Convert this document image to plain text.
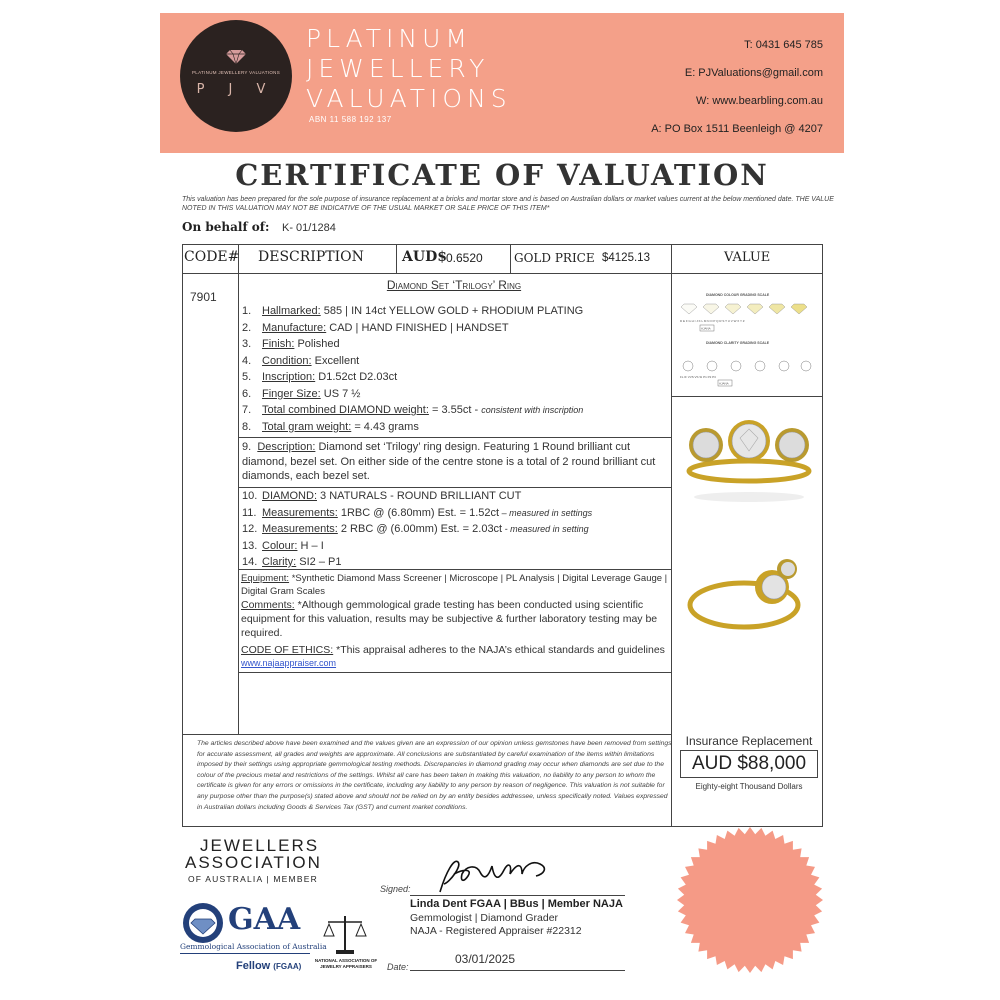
PLATINUM JEWELLERY VALUATIONS
P J V
PLATINUM
JEWELLERY
VALUATIONS
ABN 11 588 192 137
T: 0431 645 785
E: PJValuations@gmail.com
W: www.bearbling.com.au
A: PO Box 1511 Beenleigh @ 4207
CERTIFICATE OF VALUATION
This valuation has been prepared for the sole purpose of insurance replacement at a bricks and mortar store and is based on Australian dollars or market values current at the below mentioned date. THE VALUE NOTED IN THIS VALUATION MAY NOT BE INDICATIVE OF THE USUAL MARKET OR SALE PRICE OF THIS ITEM*
On behalf of: K- 01/1284
CODE# DESCRIPTION	AUD$ 0.6520	GOLD PRICE $4125.13	VALUE
7901
Diamond Set ‘Trilogy’ Ring
1. Hallmarked: 585 | IN 14ct YELLOW GOLD + RHODIUM PLATING
2. Manufacture: CAD | HAND FINISHED | HANDSET
3. Finish: Polished
4. Condition: Excellent
5. Inscription: D1.52ct D2.03ct
6. Finger Size: US 7 ½
7. Total combined DIAMOND weight: = 3.55ct - consistent with inscription
8. Total gram weight: = 4.43 grams
9. Description: Diamond set ‘Trilogy’ ring design. Featuring 1 Round brilliant cut diamond, bezel set. On either side of the centre stone is a total of 2 round brilliant cut diamonds, each bezel set.
10. DIAMOND: 3 NATURALS - ROUND BRILLIANT CUT
11. Measurements: 1RBC @ (6.80mm) Est. = 1.52ct – measured in settings
12. Measurements: 2 RBC @ (6.00mm) Est. = 2.03ct - measured in setting
13. Colour: H – I
14. Clarity: SI2 – P1
Equipment: *Synthetic Diamond Mass Screener | Microscope | PL Analysis | Digital Leverage Gauge | Digital Gram Scales
Comments: *Although gemmological grade testing has been conducted using scientific equipment for this valuation, results may be subjective & further laboratory testing may be required.
CODE OF ETHICS: *This appraisal adheres to the NAJA’s ethical standards and guidelines
www.najaappraiser.com
DIAMOND COLOUR GRADING SCALE
D E F G H I J K L M N O P Q R S T U V W X Y Z
AJANA
DIAMOND CLARITY GRADING SCALE
FL IF VVS VS SI P1 P2 P3
AJANA
The articles described above have been examined and the values given are an expression of our opinion unless gemstones have been removed from settings for accurate assessment, all grades and weights are approximate. All conclusions are substantiated by careful examination of the items within limitations imposed by their settings using appropriate gemmological testing methods. Discrepancies in diamond grading may occur when diamonds are set due to the colour of the precious metal and restrictions of the settings. Whilst all care has been taken in making this valuation, no liability to any person to whom the certificate is given for any errors or omissions in the certificate, including any liability to any person by reason of negligence. This valuation is not suitable for any purpose other than the purpose(s) stated above and should not be relied on by an entity besides addressee, unless specifically noted. Values expressed in Australian dollars including Goods & Services Tax (GST) and current market conditions.
Insurance Replacement
AUD $88,000
Eighty-eight Thousand Dollars
JEWELLERS
ASSOCIATION
OF AUSTRALIA | MEMBER
GAA
Gemmological Association of Australia
Fellow (FGAA)
NATIONAL ASSOCIATION OF JEWELRY APPRAISERS
Signed:
Linda Dent FGAA | BBus | Member NAJA
Gemmologist | Diamond Grader
NAJA - Registered Appraiser #22312
Date:
03/01/2025
